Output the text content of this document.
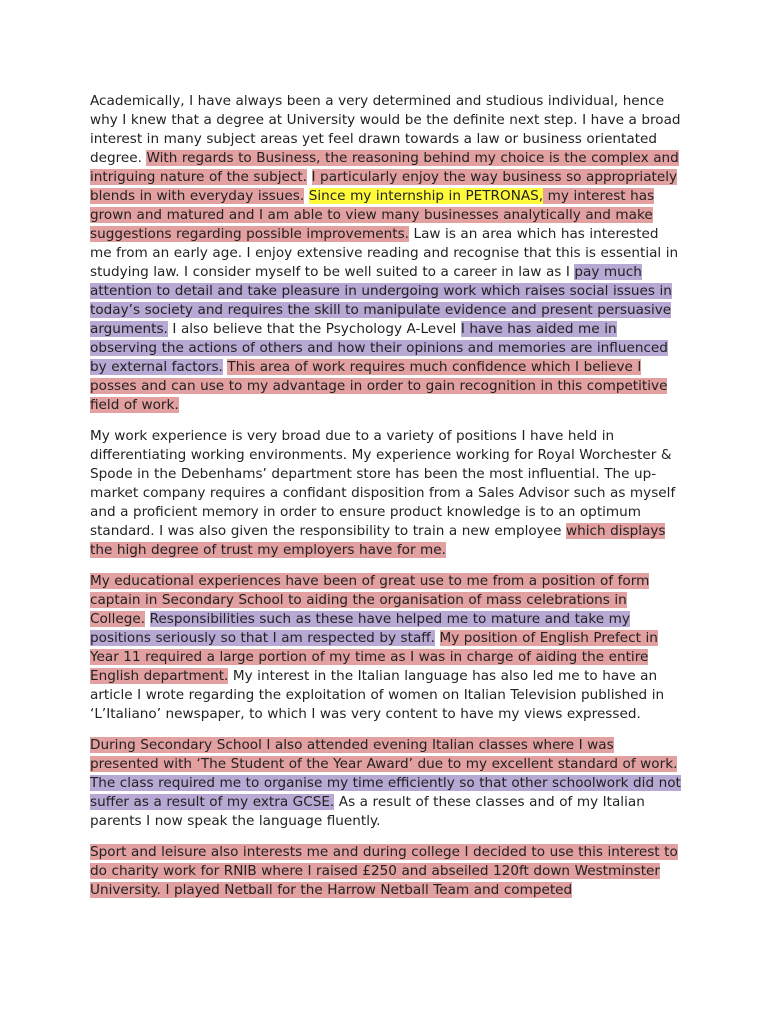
Academically, I have always been a very determined and studious individual, hence why I knew that a degree at University would be the definite next step. I have a broad interest in many subject areas yet feel drawn towards a law or business orientated degree. With regards to Business, the reasoning behind my choice is the complex and intriguing nature of the subject. I particularly enjoy the way business so appropriately blends in with everyday issues. Since my internship in PETRONAS, my interest has grown and matured and I am able to view many businesses analytically and make suggestions regarding possible improvements. Law is an area which has interested me from an early age. I enjoy extensive reading and recognise that this is essential in studying law. I consider myself to be well suited to a career in law as I pay much attention to detail and take pleasure in undergoing work which raises social issues in today’s society and requires the skill to manipulate evidence and present persuasive arguments. I also believe that the Psychology A-Level I have has aided me in observing the actions of others and how their opinions and memories are influenced by external factors. This area of work requires much confidence which I believe I posses and can use to my advantage in order to gain recognition in this competitive field of work.

My work experience is very broad due to a variety of positions I have held in differentiating working environments. My experience working for Royal Worchester & Spode in the Debenhams’ department store has been the most influential. The up-market company requires a confidant disposition from a Sales Advisor such as myself and a proficient memory in order to ensure product knowledge is to an optimum standard. I was also given the responsibility to train a new employee which displays the high degree of trust my employers have for me.

My educational experiences have been of great use to me from a position of form captain in Secondary School to aiding the organisation of mass celebrations in College. Responsibilities such as these have helped me to mature and take my positions seriously so that I am respected by staff. My position of English Prefect in Year 11 required a large portion of my time as I was in charge of aiding the entire English department. My interest in the Italian language has also led me to have an article I wrote regarding the exploitation of women on Italian Television published in ‘L’Italiano’ newspaper, to which I was very content to have my views expressed.

During Secondary School I also attended evening Italian classes where I was presented with ‘The Student of the Year Award’ due to my excellent standard of work. The class required me to organise my time efficiently so that other schoolwork did not suffer as a result of my extra GCSE. As a result of these classes and of my Italian parents I now speak the language fluently.

Sport and leisure also interests me and during college I decided to use this interest to do charity work for RNIB where I raised £250 and abseiled 120ft down Westminster University. I played Netball for the Harrow Netball Team and competed
